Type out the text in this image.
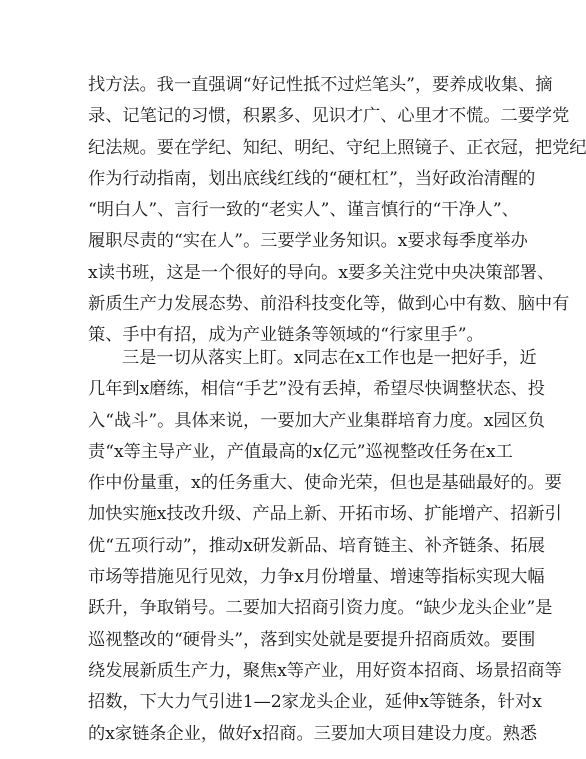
找方法。我一直强调“好记性抵不过烂笔头”，要养成收集、摘
录、记笔记的习惯，积累多、见识才广、心里才不慌。二要学党
纪法规。要在学纪、知纪、明纪、守纪上照镜子、正衣冠，把党纪
作为行动指南，划出底线红线的“硬杠杠”，当好政治清醒的
“明白人”、言行一致的“老实人”、谨言慎行的“干净人”、
履职尽责的“实在人”。三要学业务知识。x要求每季度举办
x读书班，这是一个很好的导向。x要多关注党中央决策部署、
新质生产力发展态势、前沿科技变化等，做到心中有数、脑中有
策、手中有招，成为产业链条等领域的“行家里手”。
三是一切从落实上盯。x同志在x工作也是一把好手，近
几年到x磨练，相信“手艺”没有丢掉，希望尽快调整状态、投
入“战斗”。具体来说，一要加大产业集群培育力度。x园区负
责“x等主导产业，产值最高的x亿元”巡视整改任务在x工
作中份量重，x的任务重大、使命光荣，但也是基础最好的。要
加快实施x技改升级、产品上新、开拓市场、扩能增产、招新引
优“五项行动”，推动x研发新品、培育链主、补齐链条、拓展
市场等措施见行见效，力争x月份增量、增速等指标实现大幅
跃升，争取销号。二要加大招商引资力度。“缺少龙头企业”是
巡视整改的“硬骨头”，落到实处就是要提升招商质效。要围
绕发展新质生产力，聚焦x等产业，用好资本招商、场景招商等
招数，下大力气引进1—2家龙头企业，延伸x等链条，针对x
的x家链条企业，做好x招商。三要加大项目建设力度。熟悉
